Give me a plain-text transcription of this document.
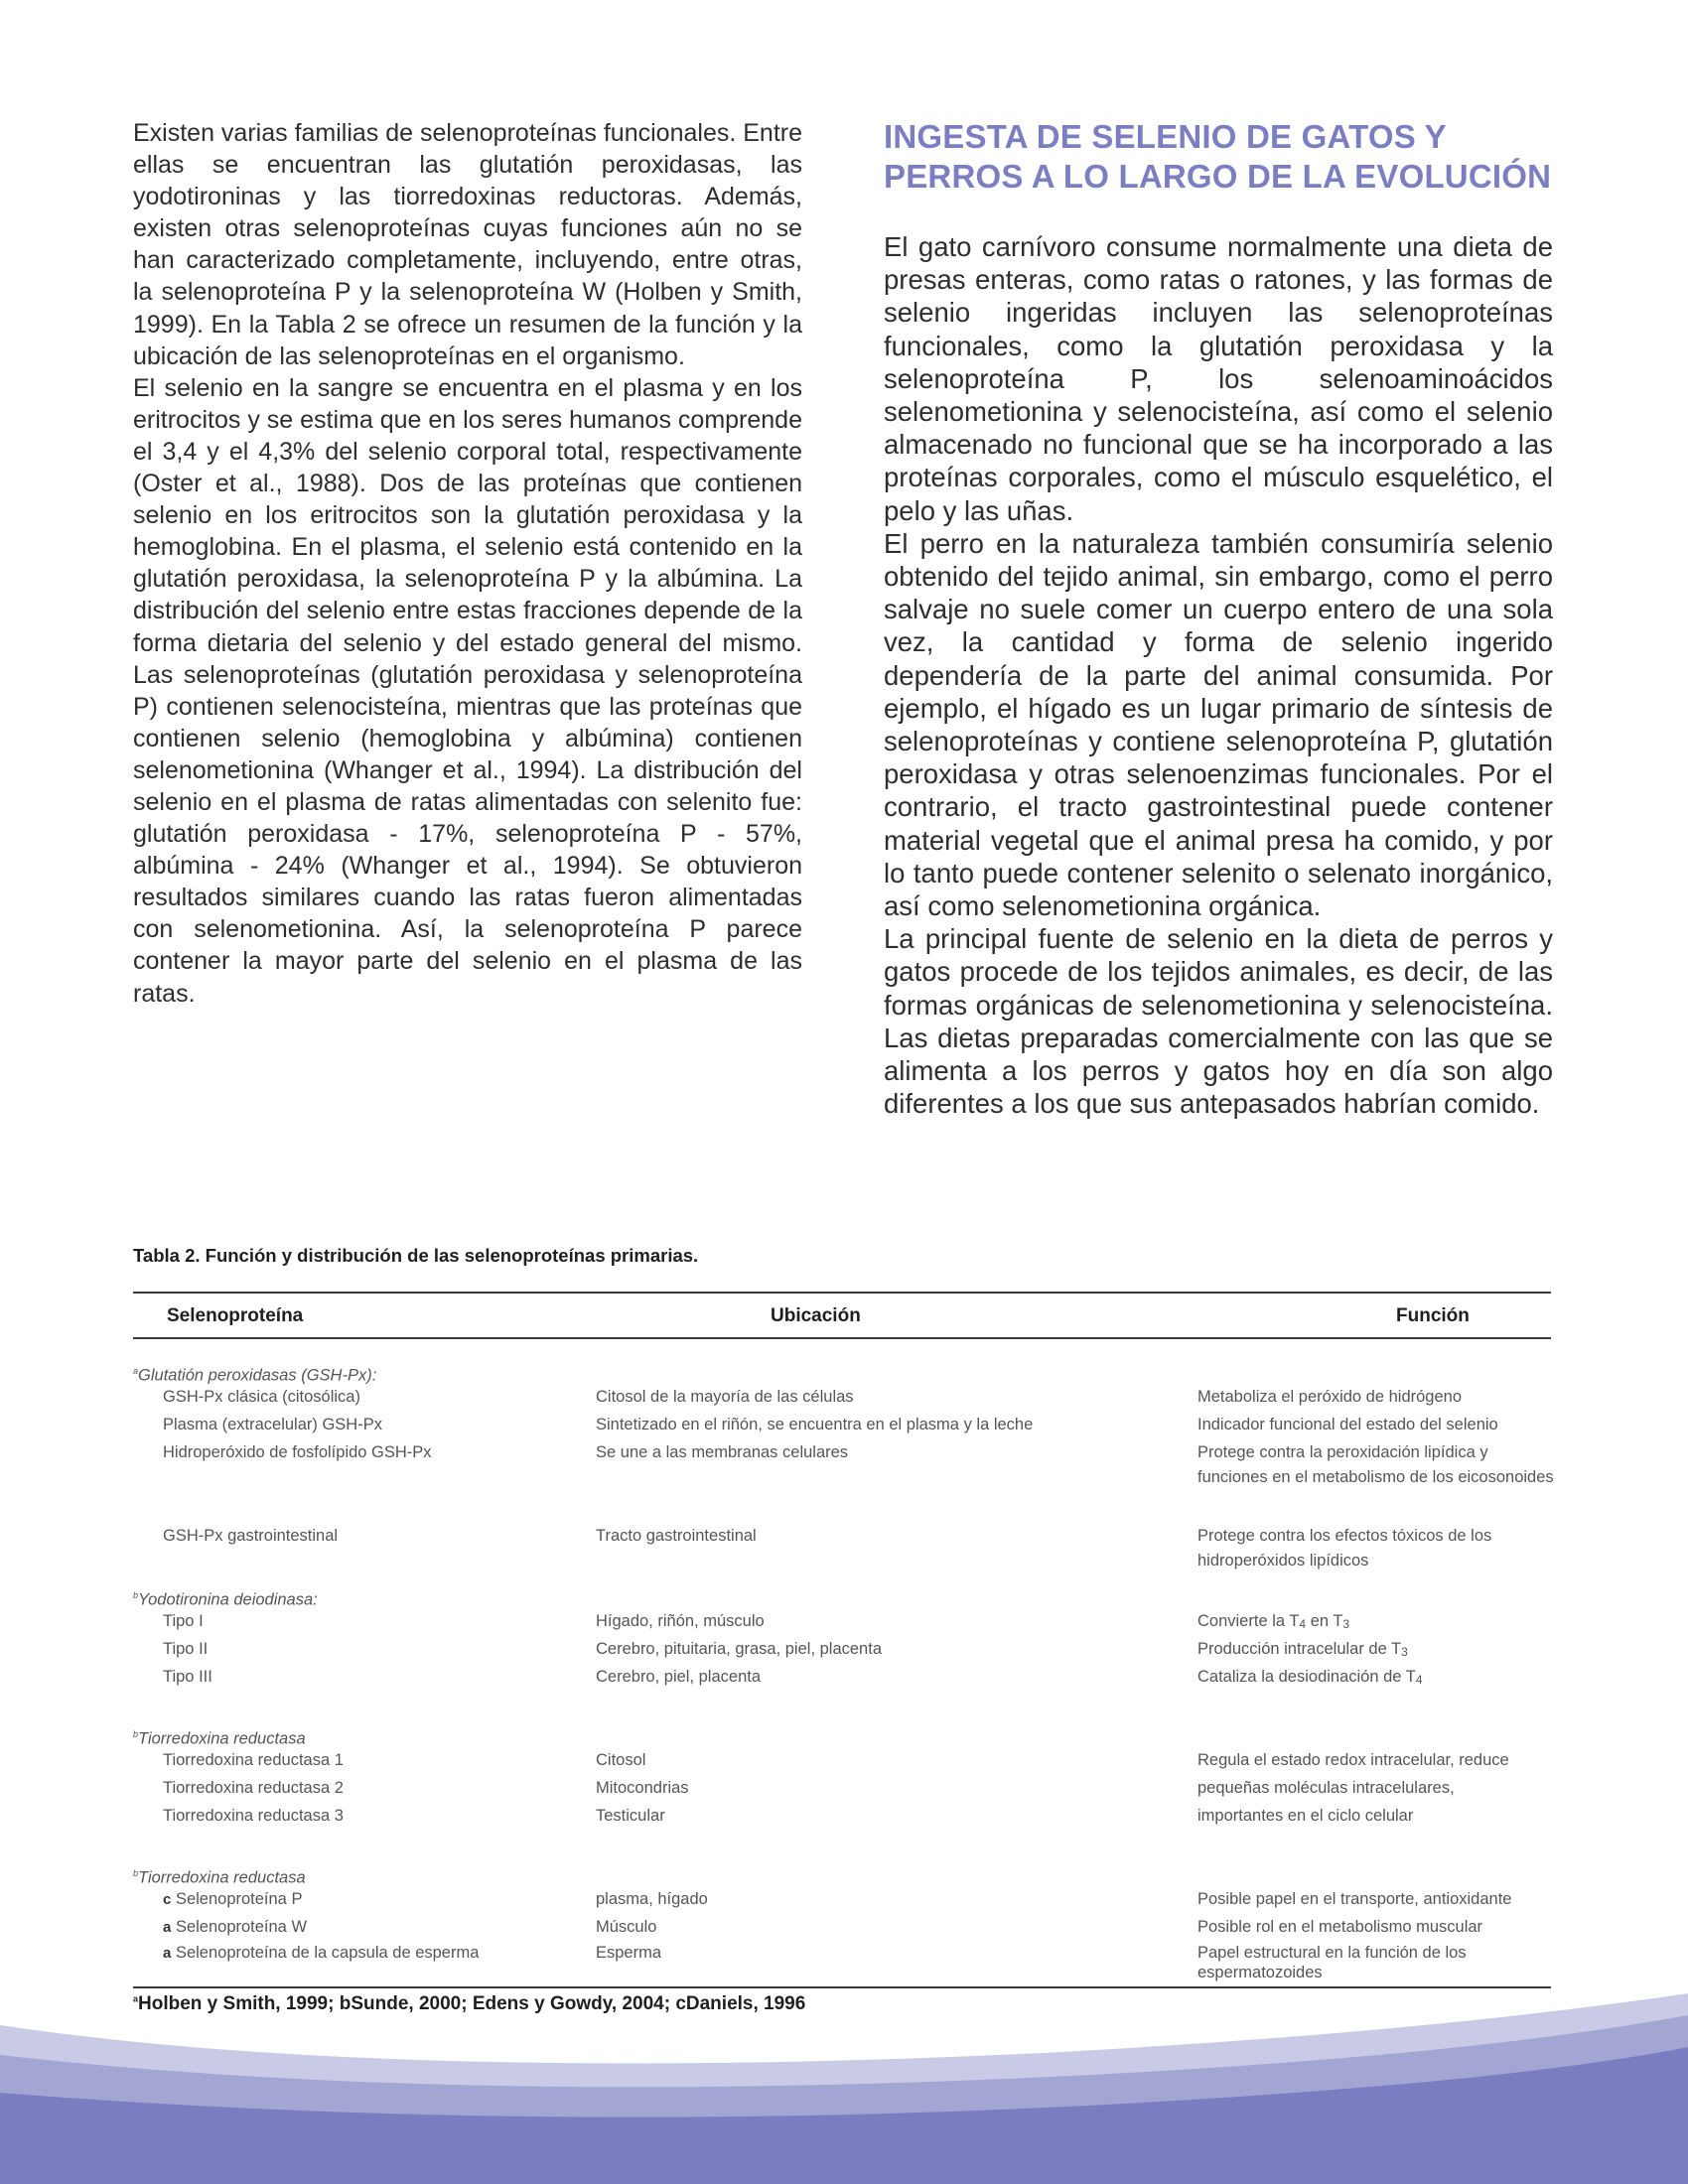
Existen varias familias de selenoproteínas funcionales. Entre ellas se encuentran las glutatión peroxidasas, las yodotironinas y las tiorredoxinas reductoras. Además, existen otras selenoproteínas cuyas funciones aún no se han caracterizado completamente, incluyendo, entre otras, la selenoproteína P y la selenoproteína W (Holben y Smith, 1999). En la Tabla 2 se ofrece un resumen de la función y la ubicación de las selenoproteínas en el organismo.

El selenio en la sangre se encuentra en el plasma y en los eritrocitos y se estima que en los seres humanos comprende el 3,4 y el 4,3% del selenio corporal total, respectivamente (Oster et al., 1988). Dos de las proteínas que contienen selenio en los eritrocitos son la glutatión peroxidasa y la hemoglobina. En el plasma, el selenio está contenido en la glutatión peroxidasa, la selenoproteína P y la albúmina. La distribución del selenio entre estas fracciones depende de la forma dietaria del selenio y del estado general del mismo. Las selenoproteínas (glutatión peroxidasa y selenoproteína P) contienen selenocisteína, mientras que las proteínas que contienen selenio (hemoglobina y albúmina) contienen selenometionina (Whanger et al., 1994). La distribución del selenio en el plasma de ratas alimentadas con selenito fue: glutatión peroxidasa - 17%, selenoproteína P - 57%, albúmina - 24% (Whanger et al., 1994). Se obtuvieron resultados similares cuando las ratas fueron alimentadas con selenometionina. Así, la selenoproteína P parece contener la mayor parte del selenio en el plasma de las ratas.

INGESTA DE SELENIO DE GATOS Y PERROS A LO LARGO DE LA EVOLUCIÓN

El gato carnívoro consume normalmente una dieta de presas enteras, como ratas o ratones, y las formas de selenio ingeridas incluyen las selenoproteínas funcionales, como la glutatión peroxidasa y la selenoproteína P, los selenoaminoácidos selenometionina y selenocisteína, así como el selenio almacenado no funcional que se ha incorporado a las proteínas corporales, como el músculo esquelético, el pelo y las uñas.

El perro en la naturaleza también consumiría selenio obtenido del tejido animal, sin embargo, como el perro salvaje no suele comer un cuerpo entero de una sola vez, la cantidad y forma de selenio ingerido dependería de la parte del animal consumida. Por ejemplo, el hígado es un lugar primario de síntesis de selenoproteínas y contiene selenoproteína P, glutatión peroxidasa y otras selenoenzimas funcionales. Por el contrario, el tracto gastrointestinal puede contener material vegetal que el animal presa ha comido, y por lo tanto puede contener selenito o selenato inorgánico, así como selenometionina orgánica.

La principal fuente de selenio en la dieta de perros y gatos procede de los tejidos animales, es decir, de las formas orgánicas de selenometionina y selenocisteína. Las dietas preparadas comercialmente con las que se alimenta a los perros y gatos hoy en día son algo diferentes a los que sus antepasados habrían comido.

Tabla 2. Función y distribución de las selenoproteínas primarias.
Selenoproteína	Ubicación	Función
$^a$Glutatión peroxidasas (GSH-Px):
GSH-Px clásica (citosólica)	Citosol de la mayoría de las células	Metaboliza el peróxido de hidrógeno
Plasma (extracelular) GSH-Px	Sintetizado en el riñón, se encuentra en el plasma y la leche	Indicador funcional del estado del selenio
Hidroperóxido de fosfolípido GSH-Px	Se une a las membranas celulares	Protege contra la peroxidación lipídica y funciones en el metabolismo de los eicosonoides
GSH-Px gastrointestinal	Tracto gastrointestinal	Protege contra los efectos tóxicos de los hidroperóxidos lipídicos
$^b$Yodotironina deiodinasa:
Tipo I	Hígado, riñón, músculo	Convierte la T4 en T3
Tipo II	Cerebro, pituitaria, grasa, piel, placenta	Producción intracelular de T3
Tipo III	Cerebro, piel, placenta	Cataliza la desiodinación de T4
$^b$Tiorredoxina reductasa
Tiorredoxina reductasa 1	Citosol	Regula el estado redox intracelular, reduce
Tiorredoxina reductasa 2	Mitocondrias	pequeñas moléculas intracelulares,
Tiorredoxina reductasa 3	Testicular	importantes en el ciclo celular
$^b$Tiorredoxina reductasa
c Selenoproteína P	plasma, hígado	Posible papel en el transporte, antioxidante
a Selenoproteína W	Músculo	Posible rol en el metabolismo muscular
a Selenoproteína de la capsula de esperma	Esperma	Papel estructural en la función de los espermatozoides
$^a$Holben y Smith, 1999; bSunde, 2000; Edens y Gowdy, 2004; cDaniels, 1996
